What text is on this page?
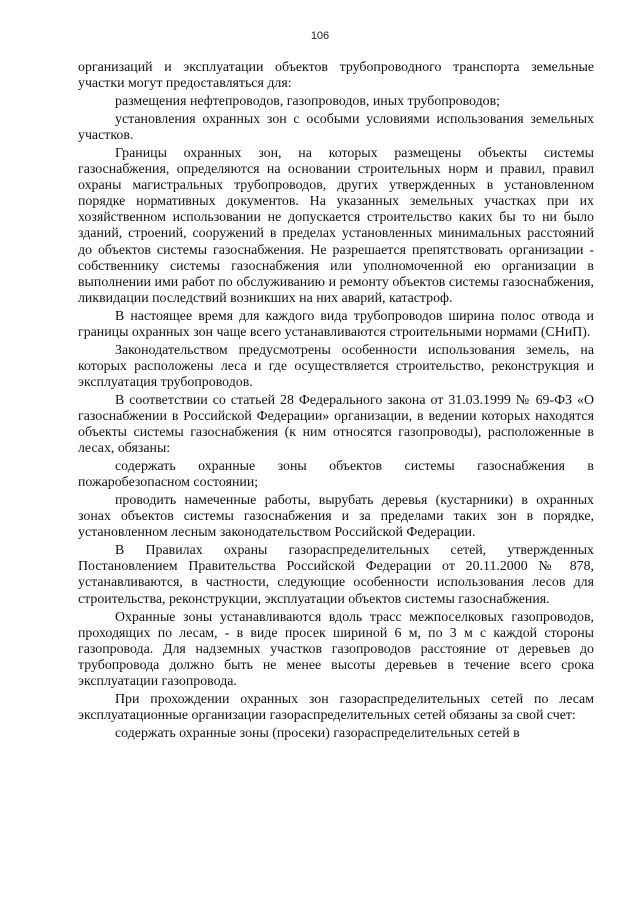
106

организаций и эксплуатации объектов трубопроводного транспорта земельные участки могут предоставляться для:

размещения нефтепроводов, газопроводов, иных трубопроводов;

установления охранных зон с особыми условиями использования земельных участков.

Границы охранных зон, на которых размещены объекты системы газоснабжения, определяются на основании строительных норм и правил, правил охраны магистральных трубопроводов, других утвержденных в установленном порядке нормативных документов. На указанных земельных участках при их хозяйственном использовании не допускается строительство каких бы то ни было зданий, строений, сооружений в пределах установленных минимальных расстояний до объектов системы газоснабжения. Не разрешается препятствовать организации - собственнику системы газоснабжения или уполномоченной ею организации в выполнении ими работ по обслуживанию и ремонту объектов системы газоснабжения, ликвидации последствий возникших на них аварий, катастроф.

В настоящее время для каждого вида трубопроводов ширина полос отвода и границы охранных зон чаще всего устанавливаются строительными нормами (СНиП).

Законодательством предусмотрены особенности использования земель, на которых расположены леса и где осуществляется строительство, реконструкция и эксплуатация трубопроводов.

В соответствии со статьей 28 Федерального закона от 31.03.1999 № 69-ФЗ «О газоснабжении в Российской Федерации» организации, в ведении которых находятся объекты системы газоснабжения (к ним относятся газопроводы), расположенные в лесах, обязаны:

содержать охранные зоны объектов системы газоснабжения в пожаробезопасном состоянии;

проводить намеченные работы, вырубать деревья (кустарники) в охранных зонах объектов системы газоснабжения и за пределами таких зон в порядке, установленном лесным законодательством Российской Федерации.

В Правилах охраны газораспределительных сетей, утвержденных Постановлением Правительства Российской Федерации от 20.11.2000 № 878, устанавливаются, в частности, следующие особенности использования лесов для строительства, реконструкции, эксплуатации объектов системы газоснабжения.

Охранные зоны устанавливаются вдоль трасс межпоселковых газопроводов, проходящих по лесам, - в виде просек шириной 6 м, по 3 м с каждой стороны газопровода. Для надземных участков газопроводов расстояние от деревьев до трубопровода должно быть не менее высоты деревьев в течение всего срока эксплуатации газопровода.

При прохождении охранных зон газораспределительных сетей по лесам эксплуатационные организации газораспределительных сетей обязаны за свой счет:

содержать охранные зоны (просеки) газораспределительных сетей в
